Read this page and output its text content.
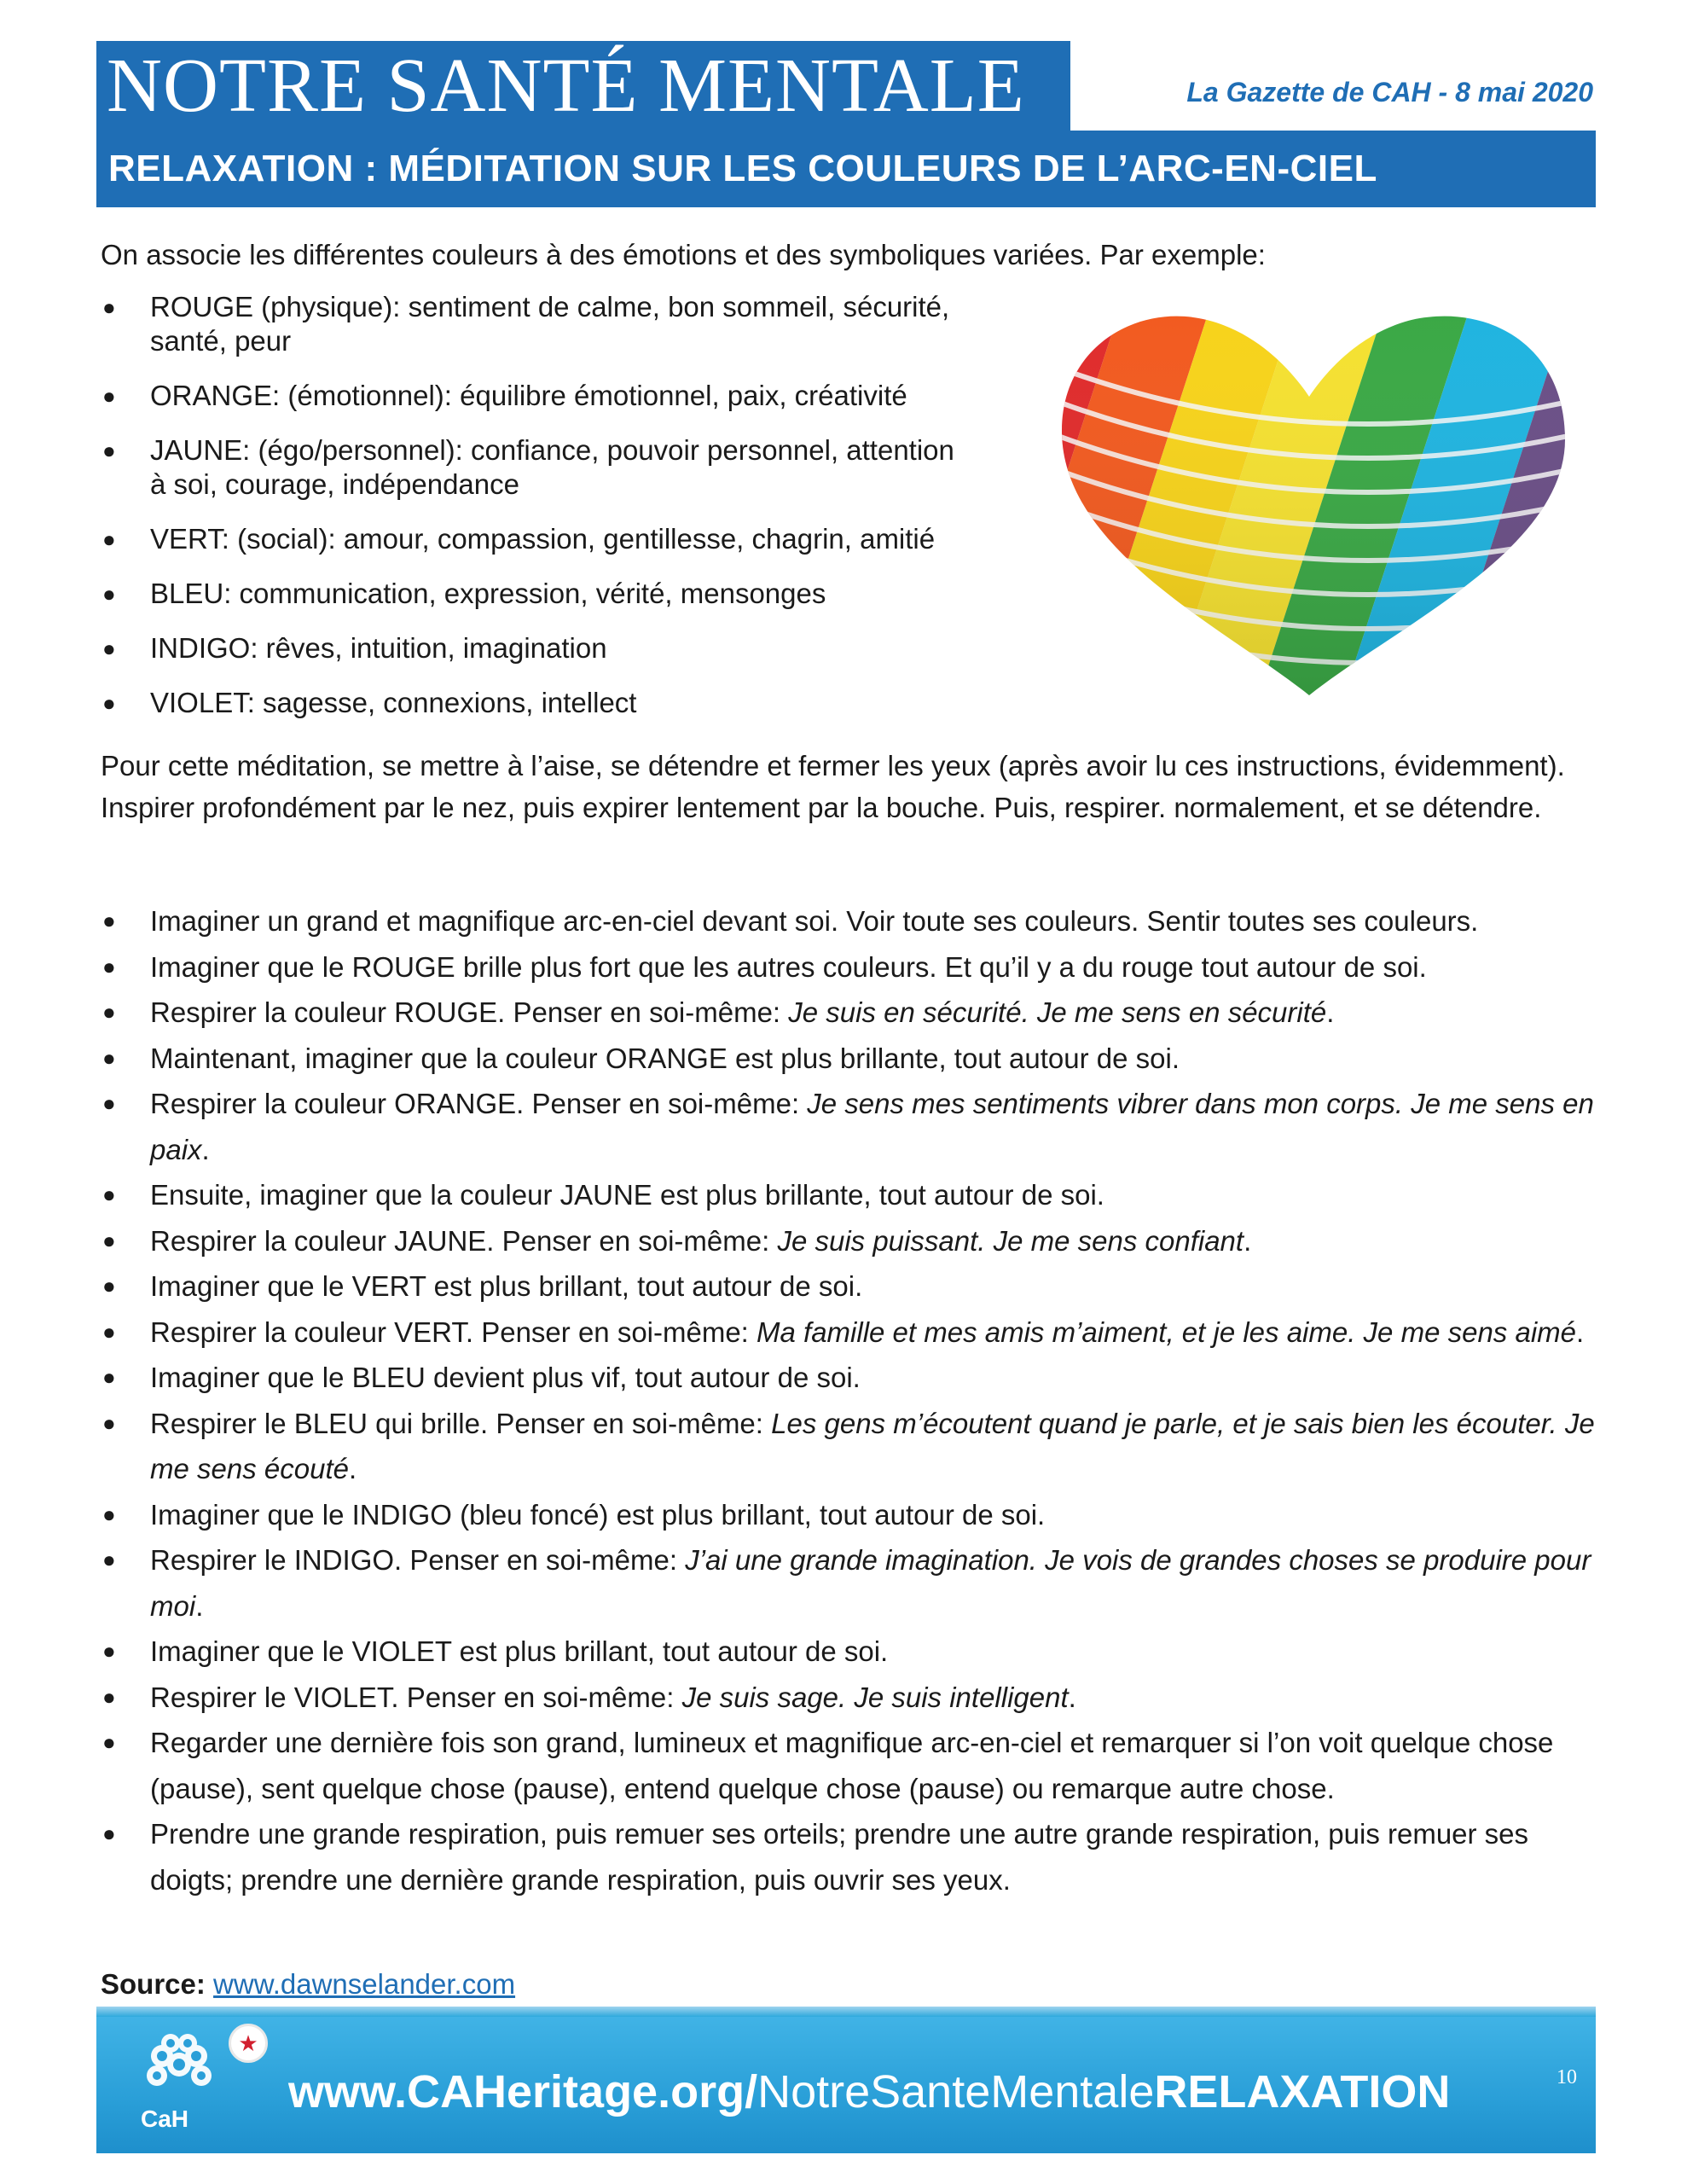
NOTRE SANTÉ MENTALE	La Gazette de CAH - 8 mai 2020
RELAXATION : MÉDITATION SUR LES COULEURS DE L’ARC-EN-CIEL
On associe les différentes couleurs à des émotions et des symboliques variées. Par exemple:
●	ROUGE (physique): sentiment de calme, bon sommeil, sécurité,
santé, peur
●	ORANGE: (émotionnel): équilibre émotionnel, paix, créativité
●	JAUNE: (égo/personnel): confiance, pouvoir personnel, attention
à soi, courage, indépendance
●	VERT: (social): amour, compassion, gentillesse, chagrin, amitié
●	BLEU: communication, expression, vérité, mensonges
●	INDIGO: rêves, intuition, imagination
●	VIOLET: sagesse, connexions, intellect
Pour cette méditation, se mettre à l’aise, se détendre et fermer les yeux (après avoir lu ces instructions, évidemment). Inspirer profondément par le nez, puis expirer lentement par la bouche. Puis, respirer. normalement, et se détendre.
●	Imaginer un grand et magnifique arc-en-ciel devant soi. Voir toute ses couleurs. Sentir toutes ses couleurs.
●	Imaginer que le ROUGE brille plus fort que les autres couleurs. Et qu’il y a du rouge tout autour de soi.
●	Respirer la couleur ROUGE. Penser en soi-même: Je suis en sécurité. Je me sens en sécurité.
●	Maintenant, imaginer que la couleur ORANGE est plus brillante, tout autour de soi.
●	Respirer la couleur ORANGE. Penser en soi-même: Je sens mes sentiments vibrer dans mon corps. Je me sens en paix.
●	Ensuite, imaginer que la couleur JAUNE est plus brillante, tout autour de soi.
●	Respirer la couleur JAUNE. Penser en soi-même: Je suis puissant. Je me sens confiant.
●	Imaginer que le VERT est plus brillant, tout autour de soi.
●	Respirer la couleur VERT. Penser en soi-même: Ma famille et mes amis m’aiment, et je les aime. Je me sens aimé.
●	Imaginer que le BLEU devient plus vif, tout autour de soi.
●	Respirer le BLEU qui brille. Penser en soi-même: Les gens m’écoutent quand je parle, et je sais bien les écouter. Je me sens écouté.
●	Imaginer que le INDIGO (bleu foncé) est plus brillant, tout autour de soi.
●	Respirer le INDIGO. Penser en soi-même: J’ai une grande imagination. Je vois de grandes choses se produire pour moi.
●	Imaginer que le VIOLET est plus brillant, tout autour de soi.
●	Respirer le VIOLET. Penser en soi-même: Je suis sage. Je suis intelligent.
●	Regarder une dernière fois son grand, lumineux et magnifique arc-en-ciel et remarquer si l’on voit quelque chose (pause), sent quelque chose (pause), entend quelque chose (pause) ou remarque autre chose.
●	Prendre une grande respiration, puis remuer ses orteils; prendre une autre grande respiration, puis remuer ses doigts; prendre une dernière grande respiration, puis ouvrir ses yeux.
Source: www.dawnselander.com
CaH
★
www.CAHeritage.org/NotreSanteMentaleRELAXATION	10
